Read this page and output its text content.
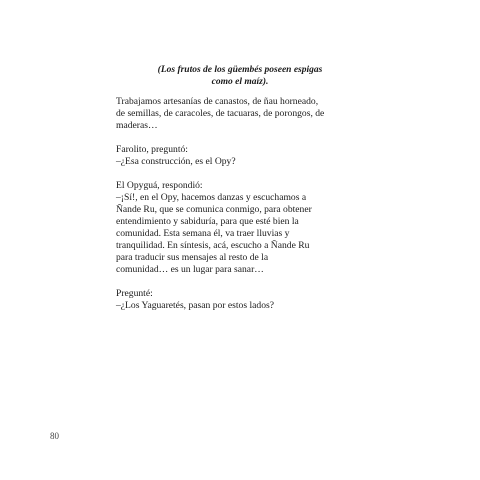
(Los frutos de los güembés poseen espigas
como el maíz).

Trabajamos artesanías de canastos, de ñau horneado,
de semillas, de caracoles, de tacuaras, de porongos, de
maderas…

Farolito, preguntó:
–¿Esa construcción, es el Opy?

El Opyguá, respondió:
–¡Sí!, en el Opy, hacemos danzas y escuchamos a
Ñande Ru, que se comunica conmigo, para obtener
entendimiento y sabiduría, para que esté bien la
comunidad. Esta semana él, va traer lluvias y
tranquilidad. En síntesis, acá, escucho a Ñande Ru
para traducir sus mensajes al resto de la
comunidad… es un lugar para sanar…

Pregunté:
–¿Los Yaguaretés, pasan por estos lados?

80
